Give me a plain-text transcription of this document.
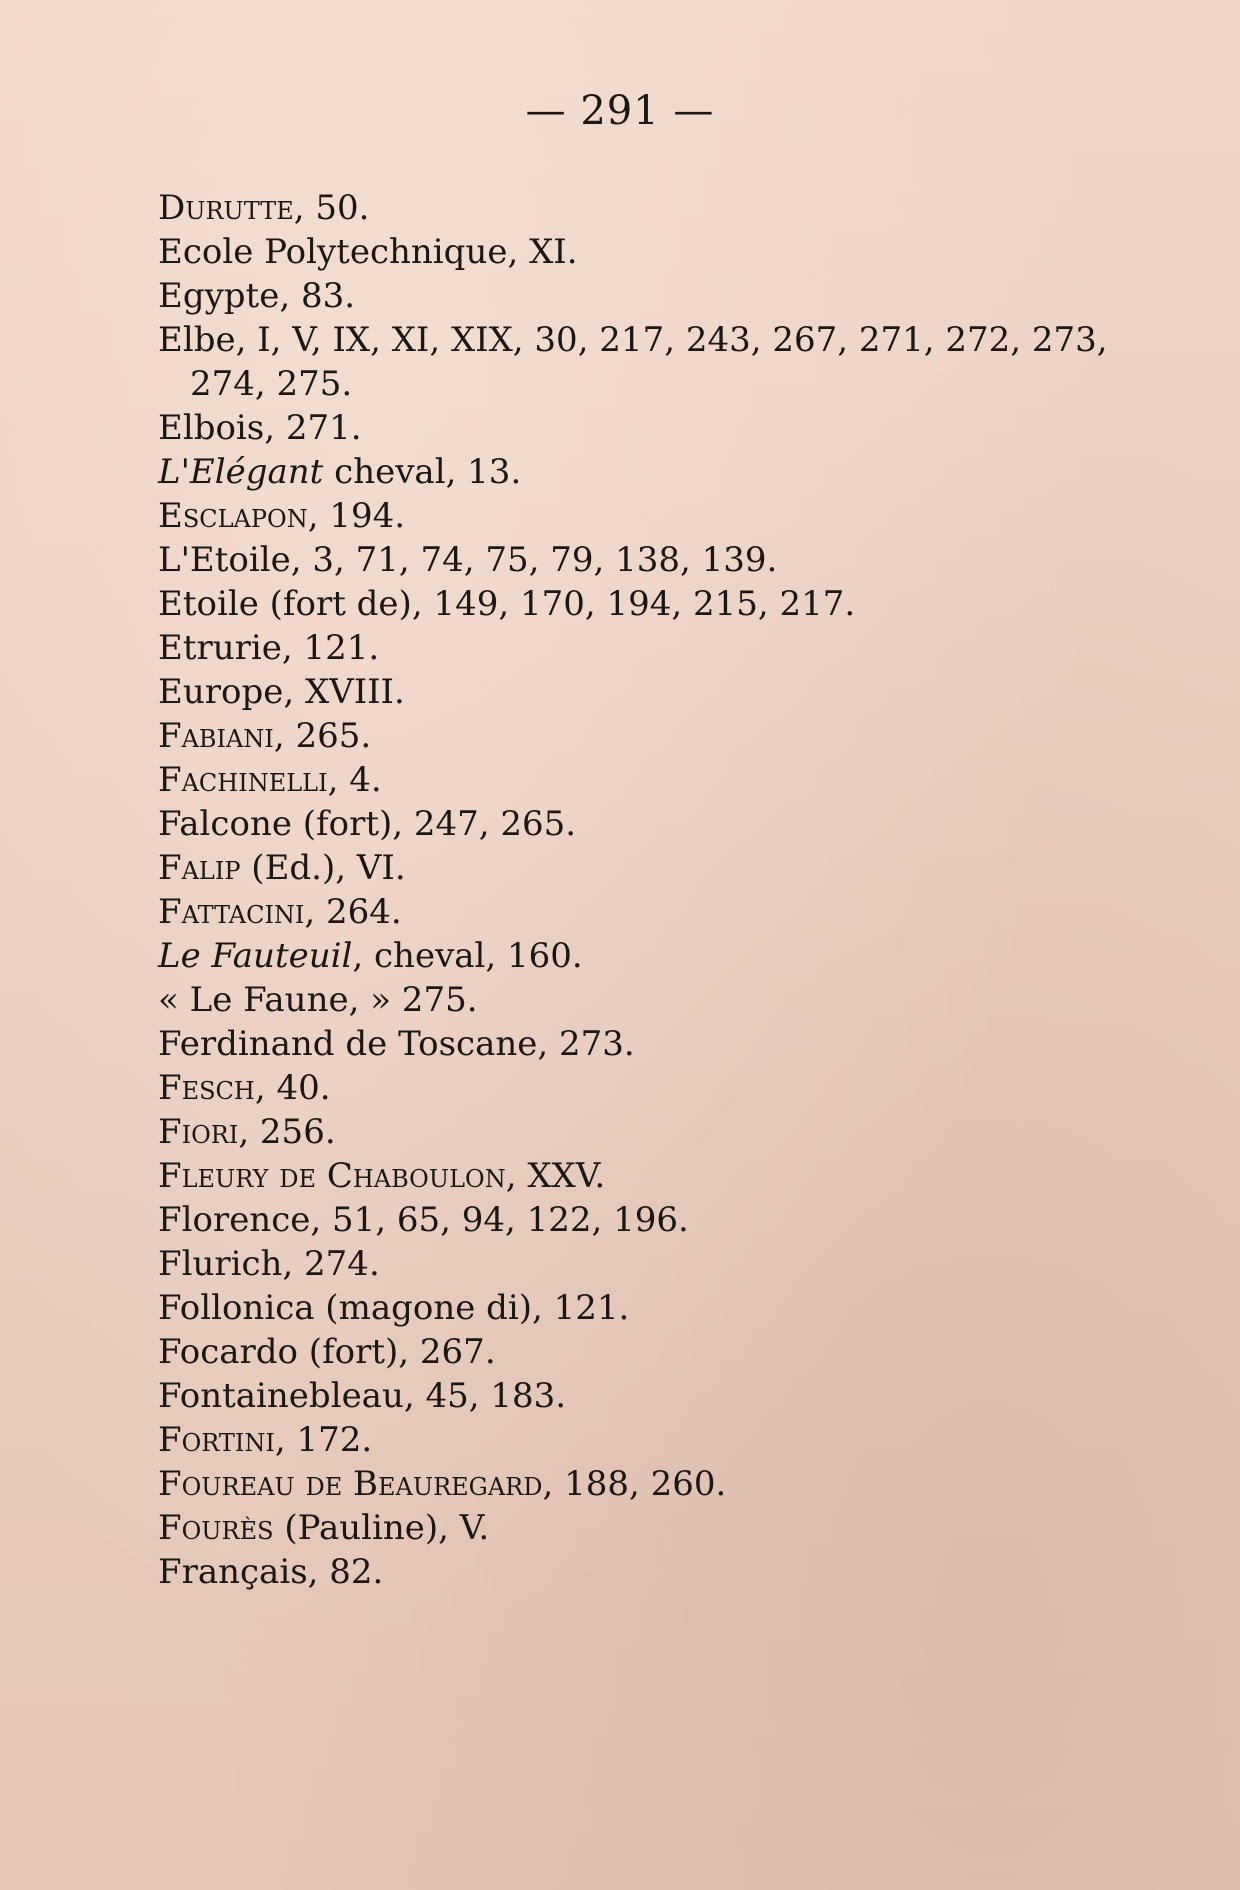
— 291 —
Durutte, 50.
Ecole Polytechnique, XI.
Egypte, 83.
Elbe, I, V, IX, XI, XIX, 30, 217, 243, 267, 271, 272, 273, 274, 275.
Elbois, 271.
L'Elégant cheval, 13.
Esclapon, 194.
L'Etoile, 3, 71, 74, 75, 79, 138, 139.
Etoile (fort de), 149, 170, 194, 215, 217.
Etrurie, 121.
Europe, XVIII.
Fabiani, 265.
Fachinelli, 4.
Falcone (fort), 247, 265.
Falip (Ed.), VI.
Fattacini, 264.
Le Fauteuil, cheval, 160.
« Le Faune, » 275.
Ferdinand de Toscane, 273.
Fesch, 40.
Fiori, 256.
Fleury de Chaboulon, XXV.
Florence, 51, 65, 94, 122, 196.
Flurich, 274.
Follonica (magone di), 121.
Focardo (fort), 267.
Fontainebleau, 45, 183.
Fortini, 172.
Foureau de Beauregard, 188, 260.
Fourès (Pauline), V.
Français, 82.
